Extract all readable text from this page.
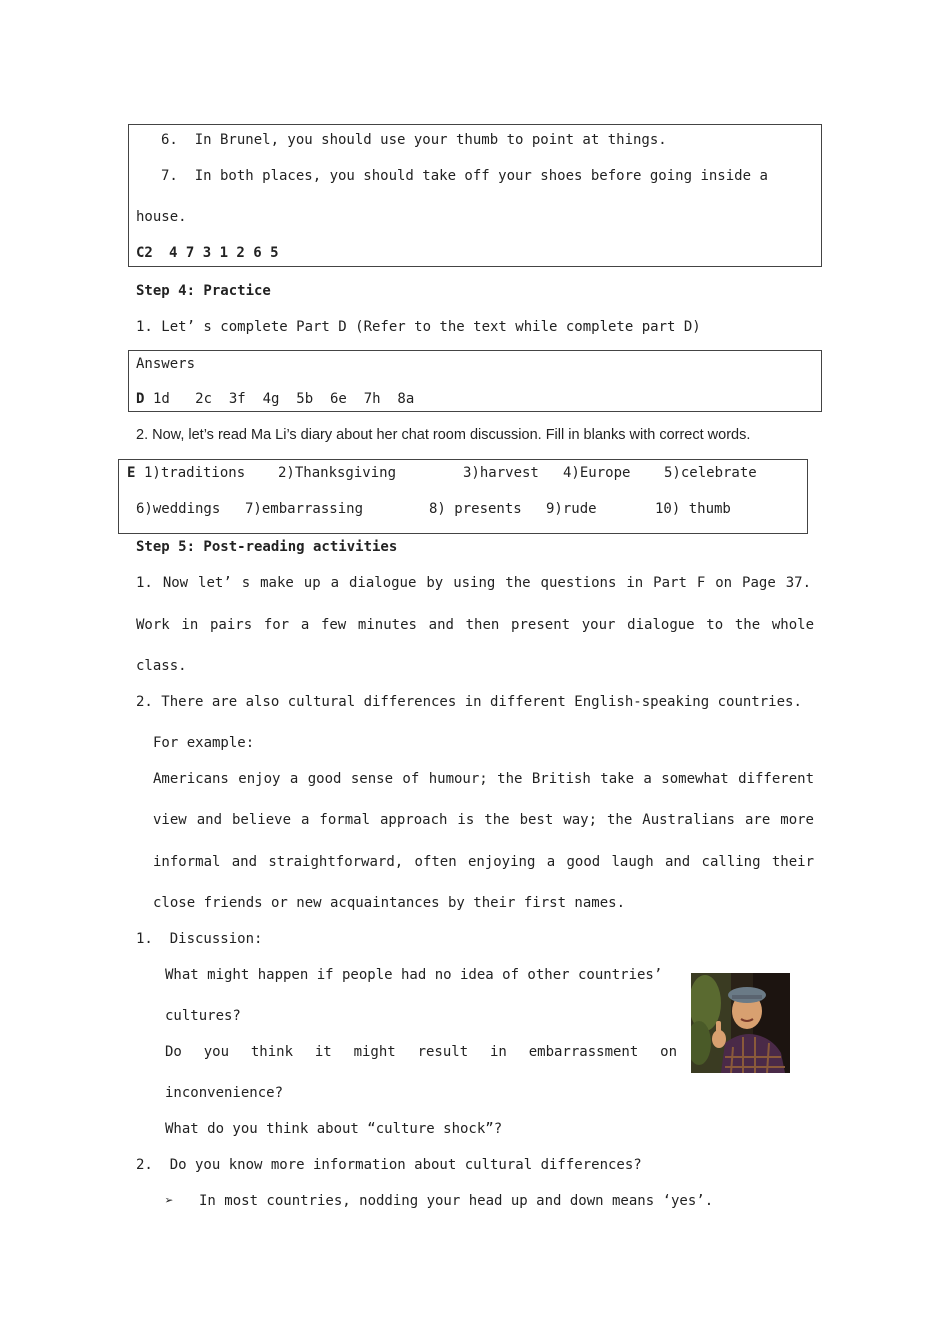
6.  In Brunel, you should use your thumb to point at things.
7.  In both places, you should take off your shoes before going inside a
house.
C2 4 7 3 1 2 6 5
Step 4: Practice
1. Let’ s complete Part D (Refer to the text while complete part D)
Answers
D 1d   2c  3f  4g  5b  6e  7h  8a
2. Now, let’s read Ma Li’s diary about her chat room discussion. Fill in blanks with correct words.
E 1)traditions 2)Thanksgiving	3)harvest 4)Europe 5)celebrate
6)weddings 7)embarrassing	8) presents 9)rude	10) thumb
Step 5: Post-reading activities
1. Now let’ s make up a dialogue by using the questions in Part F on Page 37.
Work in pairs for a few minutes and then present your dialogue to the whole
class.
2. There are also cultural differences in different English-speaking countries.
For example:
Americans enjoy a good sense of humour; the British take a somewhat different
view and believe a formal approach is the best way; the Australians are more
informal and straightforward, often enjoying a good laugh and calling their
close friends or new acquaintances by their first names.
1.  Discussion:
What might happen if people had no idea of other countries’
cultures?
Do you think it might result in embarrassment on
inconvenience?
What do you think about “culture shock”?
2.  Do you know more information about cultural differences?
➢ In most countries, nodding your head up and down means ‘yes’.
